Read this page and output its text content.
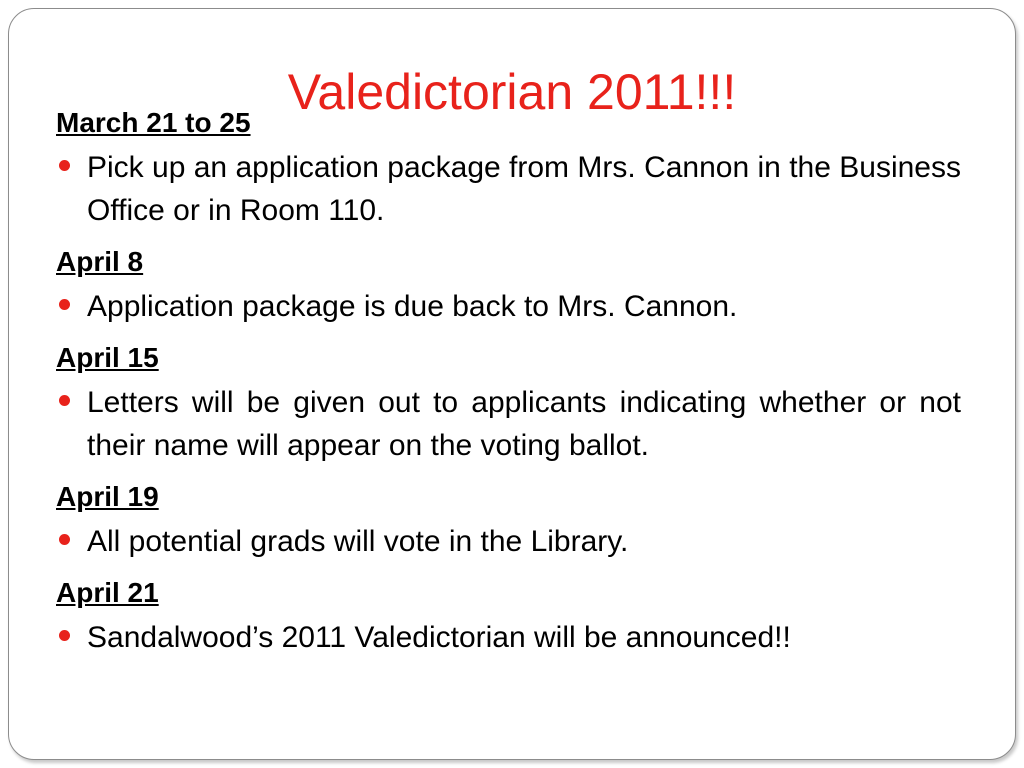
Valedictorian 2011!!!
March 21 to 25
Pick up an application package from Mrs. Cannon in the Business Office or in Room 110.
April 8
Application package is due back to Mrs. Cannon.
April 15
Letters will be given out to applicants indicating whether or not their name will appear on the voting ballot.
April 19
All potential grads will vote in the Library.
April 21
Sandalwood’s 2011 Valedictorian will be announced!!
